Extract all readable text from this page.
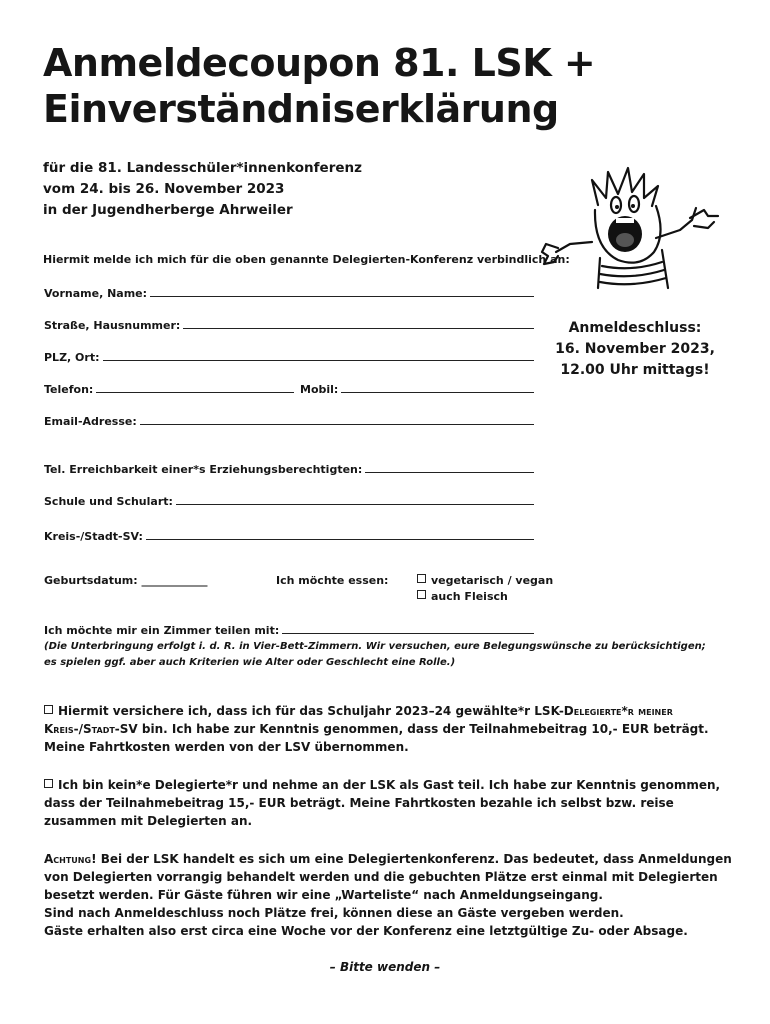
Anmeldecoupon 81. LSK +
Einverständniserklärung
für die 81. Landesschüler*innenkonferenz
vom 24. bis 26. November 2023
in der Jugendherberge Ahrweiler
Hiermit melde ich mich für die oben genannte Delegierten-Konferenz verbindlich an:
Vorname, Name:
Straße, Hausnummer:
PLZ, Ort:
Telefon:	Mobil:
Email-Adresse:
Tel. Erreichbarkeit einer*s Erziehungsberechtigten:
Schule und Schulart:
Kreis-/Stadt-SV:
Anmeldeschluss:
16. November 2023,
12.00 Uhr mittags!
Geburtsdatum: ____________	Ich möchte essen:	vegetarisch / vegan
auch Fleisch
Ich möchte mir ein Zimmer teilen mit:
(Die Unterbringung erfolgt i. d. R. in Vier-Bett-Zimmern. Wir versuchen, eure Belegungswünsche zu berücksichtigen;
es spielen ggf. aber auch Kriterien wie Alter oder Geschlecht eine Rolle.)
Hiermit versichere ich, dass ich für das Schuljahr 2023–24 gewählte*r LSK-Delegierte*r meiner
Kreis-/Stadt-SV bin. Ich habe zur Kenntnis genommen, dass der Teilnahmebeitrag 10,- EUR beträgt.
Meine Fahrtkosten werden von der LSV übernommen.
Ich bin kein*e Delegierte*r und nehme an der LSK als Gast teil. Ich habe zur Kenntnis genommen,
dass der Teilnahmebeitrag 15,- EUR beträgt. Meine Fahrtkosten bezahle ich selbst bzw. reise
zusammen mit Delegierten an.
Achtung! Bei der LSK handelt es sich um eine Delegiertenkonferenz. Das bedeutet, dass Anmeldungen
von Delegierten vorrangig behandelt werden und die gebuchten Plätze erst einmal mit Delegierten
besetzt werden. Für Gäste führen wir eine „Warteliste“ nach Anmeldungseingang.
Sind nach Anmeldeschluss noch Plätze frei, können diese an Gäste vergeben werden.
Gäste erhalten also erst circa eine Woche vor der Konferenz eine letztgültige Zu- oder Absage.
– Bitte wenden –
